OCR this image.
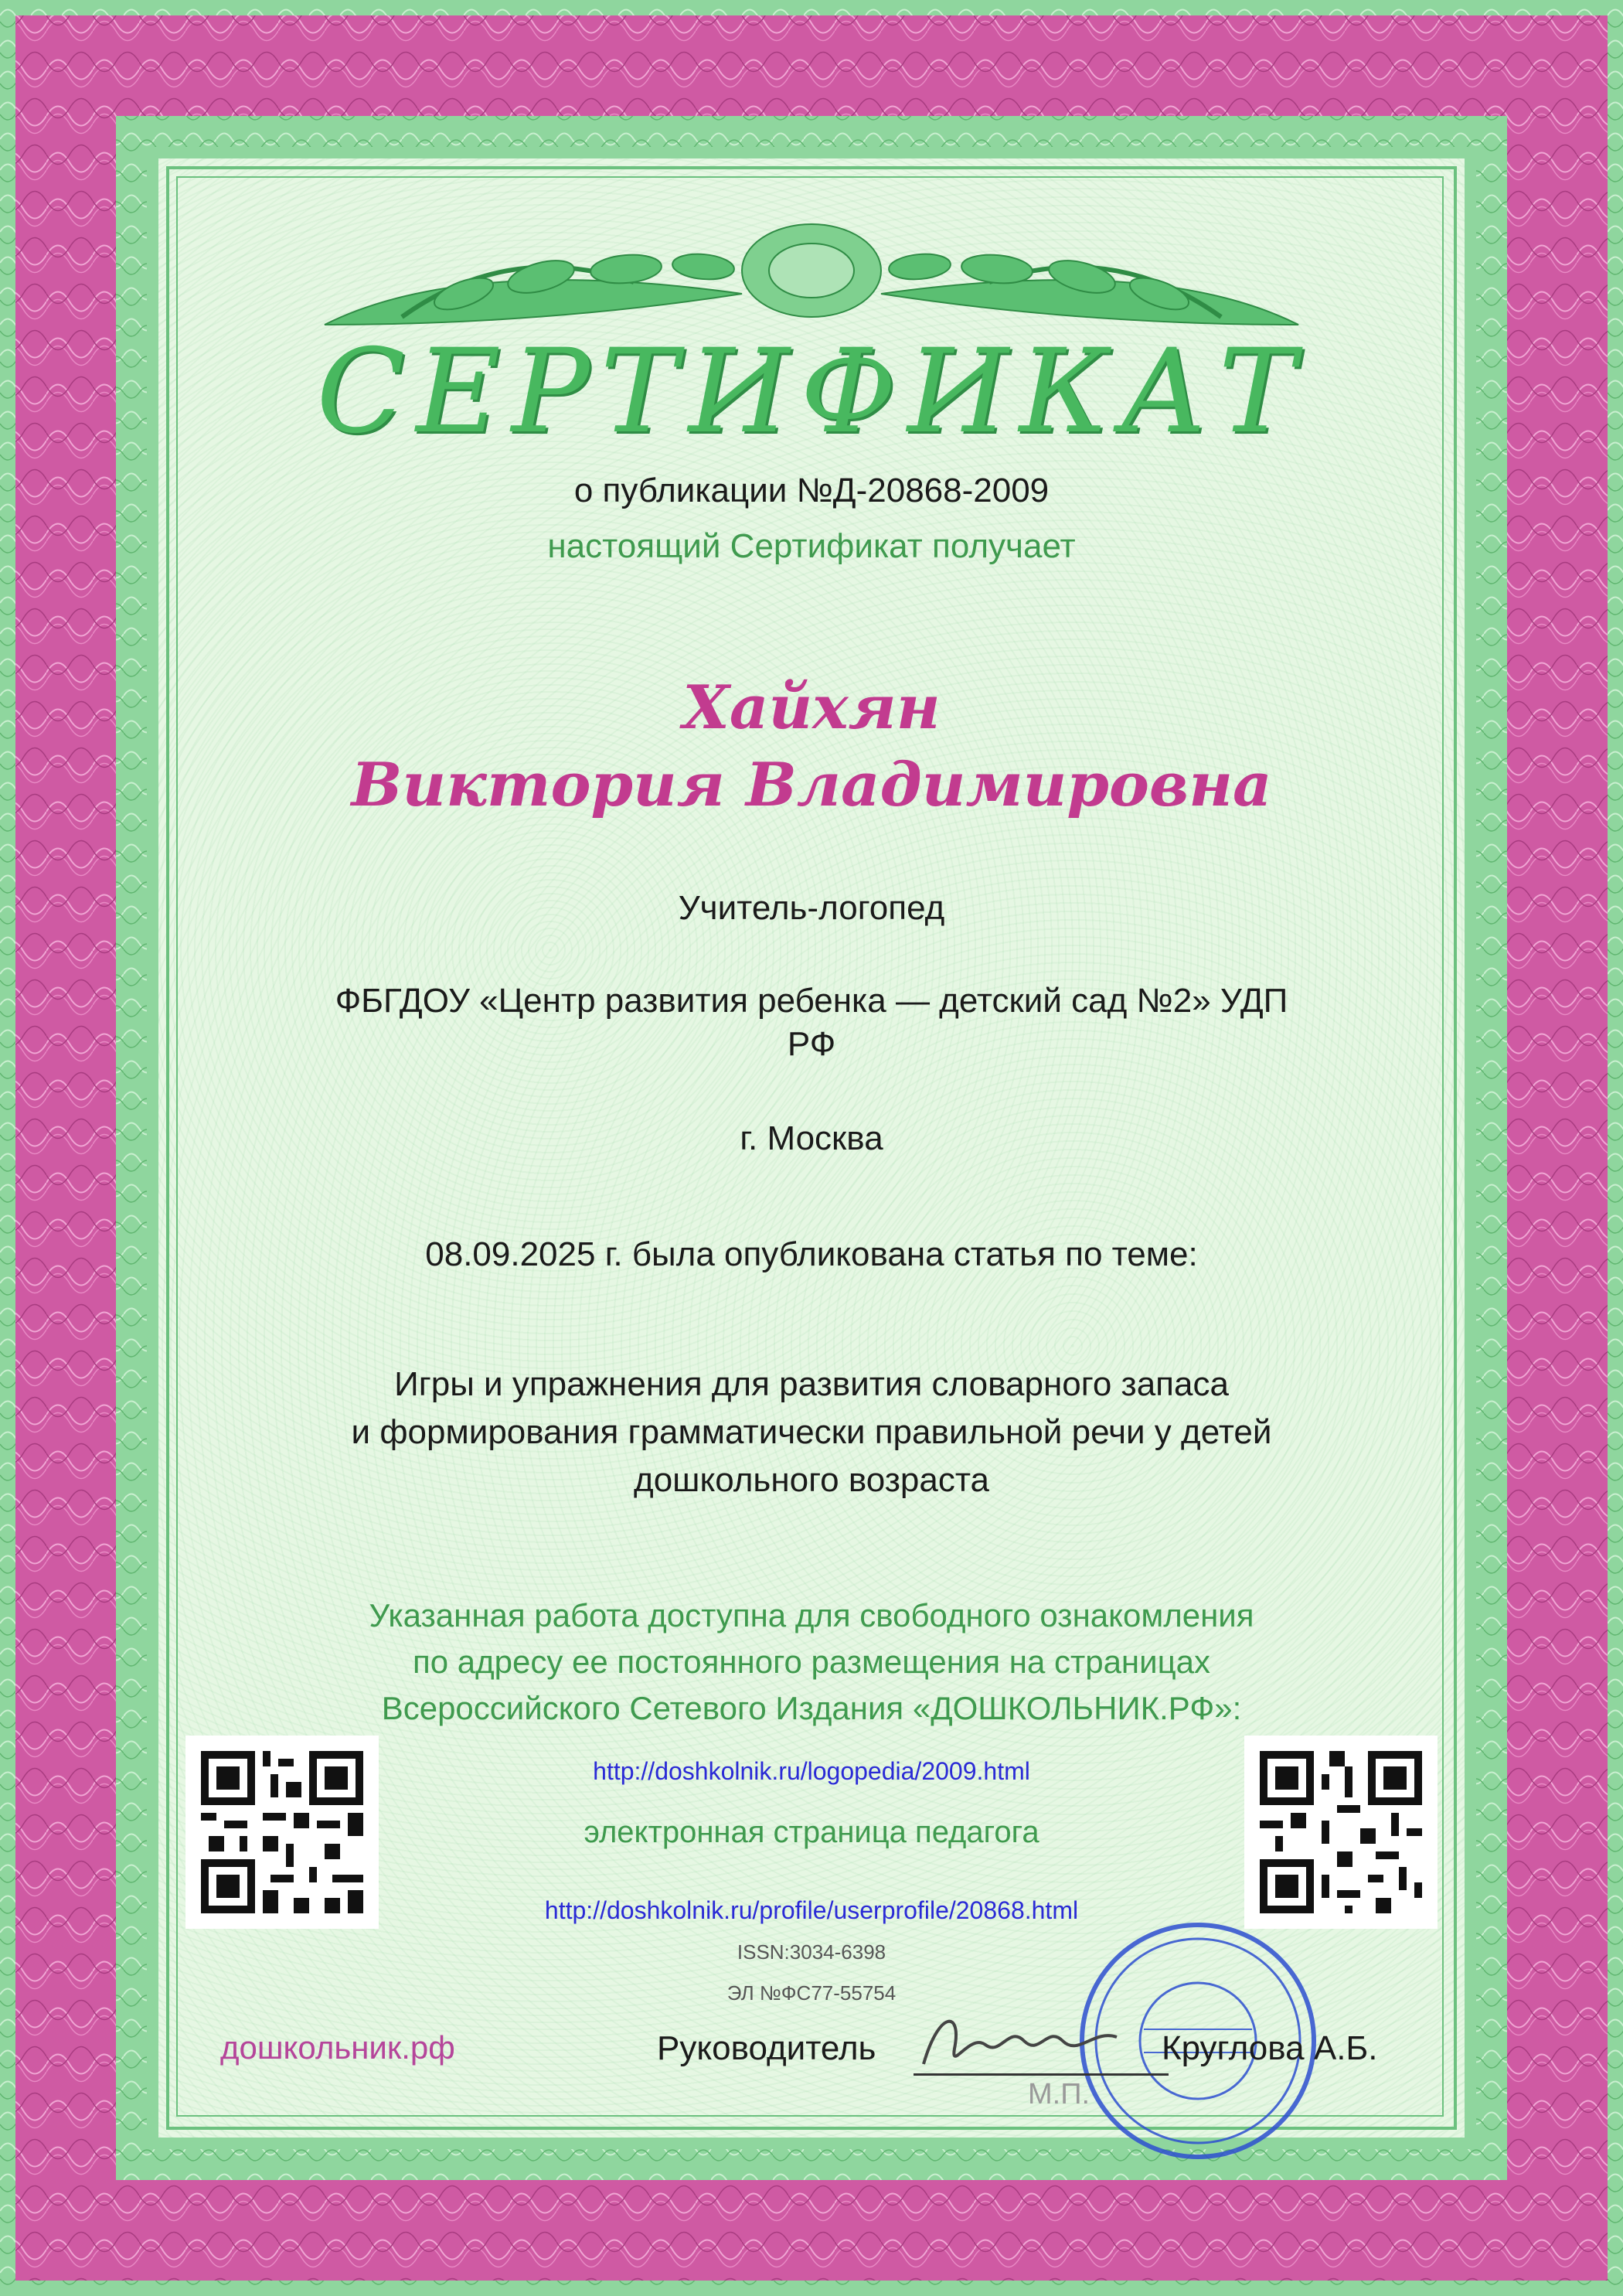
СЕРТИФИКАТ
о публикации №Д-20868-2009
настоящий Сертификат получает
Хайхян
Виктория Владимировна
Учитель-логопед
ФБГДОУ «Центр развития ребенка — детский сад №2» УДП
РФ
г. Москва
08.09.2025 г. была опубликована статья по теме:
Игры и упражнения для развития словарного запаса
и формирования грамматически правильной речи у детей
дошкольного возраста
Указанная работа доступна для свободного ознакомления
по адресу ее постоянного размещения на страницах
Всероссийского Сетевого Издания «ДОШКОЛЬНИК.РФ»:
http://doshkolnik.ru/logopedia/2009.html
электронная страница педагога
http://doshkolnik.ru/profile/userprofile/20868.html
ISSN:3034-6398
ЭЛ №ФС77-55754
дошкольник.рф	Руководитель	Круглова А.Б.
М.П.
